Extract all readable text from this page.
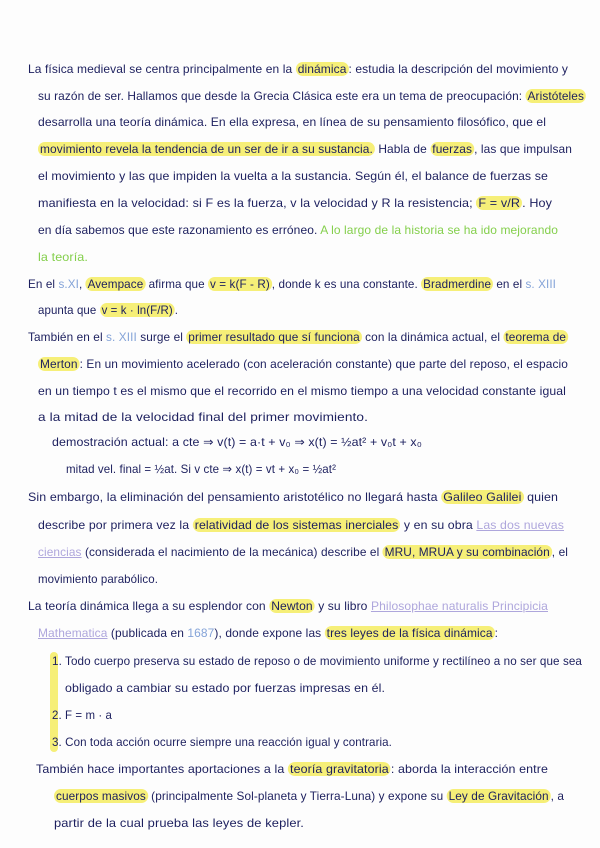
La física medieval se centra principalmente en la dinámica : estudia la descripción del movimiento y
su razón de ser. Hallamos que desde la Grecia Clásica este era un tema de preocupación: Aristóteles
desarrolla una teoría dinámica. En ella expresa, en línea de su pensamiento filosófico, que el
movimiento revela la tendencia de un ser de ir a su sustancia. Habla de fuerzas , las que impulsan
el movimiento y las que impiden la vuelta a la sustancia. Según él, el balance de fuerzas se
manifiesta en la velocidad: si F es la fuerza, v la velocidad y R la resistencia; F = v/R . Hoy
en día sabemos que este razonamiento es erróneo. A lo largo de la historia se ha ido mejorando
la teoría.
En el s.XI, Avempace afirma que v = k(F - R) , donde k es una constante. Bradmerdine en el s. XIII
apunta que v = k · ln(F/R) .
También en el s. XIII surge el primer resultado que sí funciona con la dinámica actual, el teorema de
Merton : En un movimiento acelerado (con aceleración constante) que parte del reposo, el espacio
en un tiempo t es el mismo que el recorrido en el mismo tiempo a una velocidad constante igual
a la mitad de la velocidad final del primer movimiento.
demostración actual: a cte ⇒ v(t) = a·t + v₀ ⇒ x(t) = ½at² + v₀t + x₀
mitad vel. final = ½at. Si v cte ⇒ x(t) = vt + x₀ = ½at²
Sin embargo, la eliminación del pensamiento aristotélico no llegará hasta Galileo Galilei quien
describe por primera vez la relatividad de los sistemas inerciales y en su obra Las dos nuevas
ciencias (considerada el nacimiento de la mecánica) describe el MRU, MRUA y su combinación , el
movimiento parabólico.
La teoría dinámica llega a su esplendor con Newton y su libro Philosophae naturalis Principicia
Mathematica (publicada en 1687), donde expone las tres leyes de la física dinámica :
1. Todo cuerpo preserva su estado de reposo o de movimiento uniforme y rectilíneo a no ser que sea
obligado a cambiar su estado por fuerzas impresas en él.
2. F = m · a
3. Con toda acción ocurre siempre una reacción igual y contraria.
También hace importantes aportaciones a la teoría gravitatoria : aborda la interacción entre
cuerpos masivos (principalmente Sol-planeta y Tierra-Luna) y expone su Ley de Gravitación , a
partir de la cual prueba las leyes de kepler.
